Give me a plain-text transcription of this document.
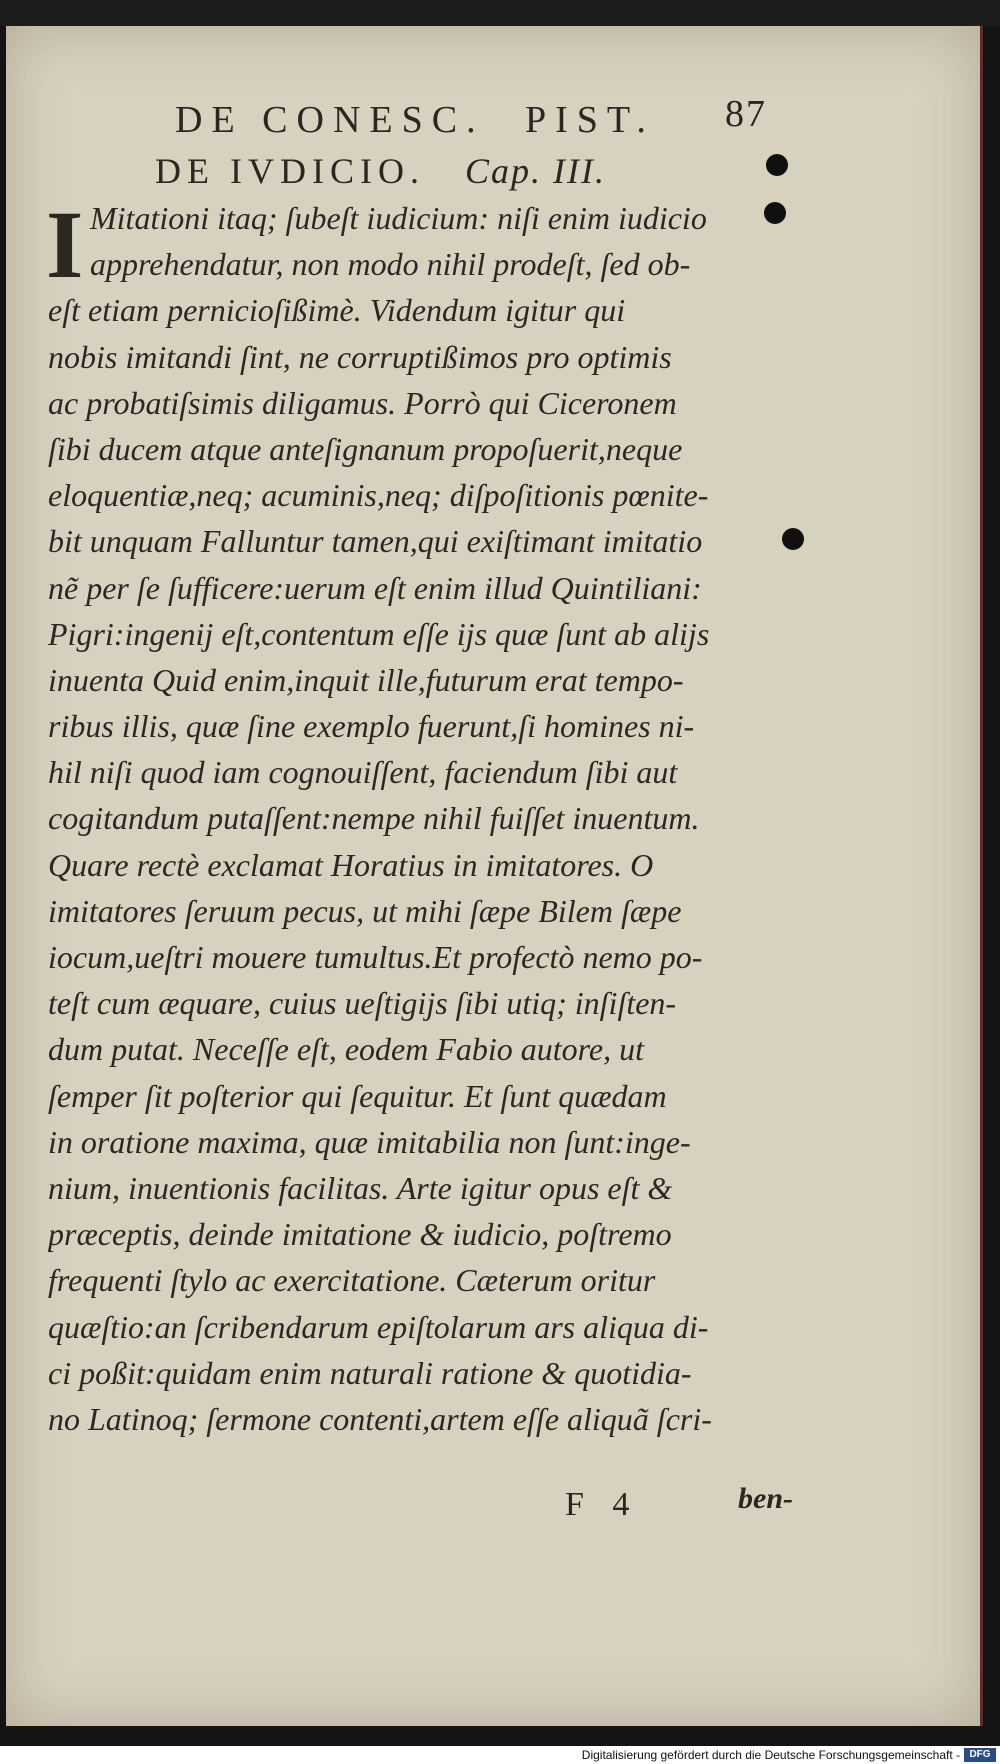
DE CONESC. PIST. 87
DE IVDICIO. Cap. III.
I Mitationi itaq; ſubeſt iudicium: niſi enim iudicio
apprehendatur, non modo nihil prodeſt, ſed ob-
eſt etiam pernicioſißimè. Videndum igitur qui
nobis imitandi ſint, ne corruptißimos pro optimis
ac probatiſsimis diligamus. Porrò qui Ciceronem
ſibi ducem atque anteſignanum propoſuerit,neque
eloquentiæ,neq; acuminis,neq; diſpoſitionis pœnite-
bit unquam Falluntur tamen,qui exiſtimant imitatio
nẽ per ſe ſufficere:uerum eſt enim illud Quintiliani:
Pigri:ingenij eſt,contentum eſſe ijs quæ ſunt ab alijs
inuenta Quid enim,inquit ille,futurum erat tempo-
ribus illis, quæ ſine exemplo fuerunt,ſi homines ni-
hil niſi quod iam cognouiſſent, faciendum ſibi aut
cogitandum putaſſent:nempe nihil fuiſſet inuentum.
Quare rectè exclamat Horatius in imitatores. O
imitatores ſeruum pecus, ut mihi ſæpe Bilem ſæpe
iocum,ueſtri mouere tumultus.Et profectò nemo po-
teſt cum æquare, cuius ueſtigijs ſibi utiq; inſiſten-
dum putat. Neceſſe eſt, eodem Fabio autore, ut
ſemper ſit poſterior qui ſequitur. Et ſunt quædam
in oratione maxima, quæ imitabilia non ſunt:inge-
nium, inuentionis facilitas. Arte igitur opus eſt &
præceptis, deinde imitatione & iudicio, poſtremo
frequenti ſtylo ac exercitatione. Cæterum oritur
quæſtio:an ſcribendarum epiſtolarum ars aliqua di-
ci poßit:quidam enim naturali ratione & quotidia-
no Latinoq; ſermone contenti,artem eſſe aliquã ſcri-
F 4	ben-
Digitalisierung gefördert durch die Deutsche Forschungsgemeinschaft - DFG
